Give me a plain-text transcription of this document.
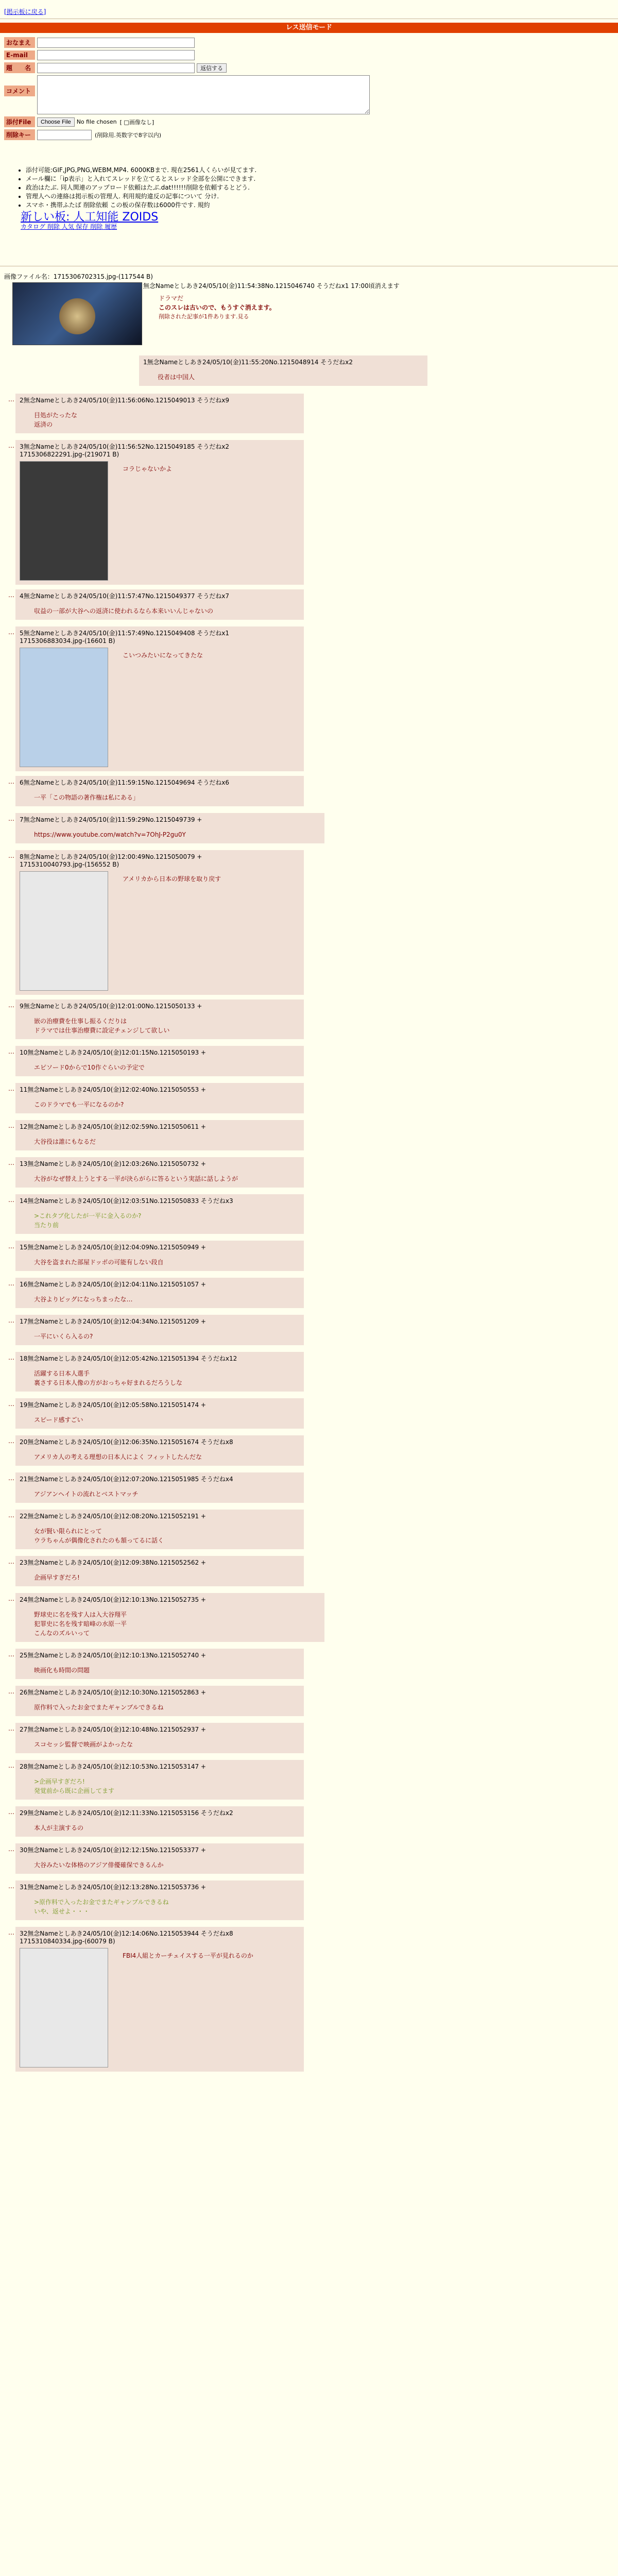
[掲示板に戻る]
レス送信モード
おなまえ
E-mail
題　　名	返信する
コメント
添付File	Choose File	No file chosen [ □画像なし]
削除キー	(削除用.英数字で8字以内)
• 添付可能:GIF,JPG,PNG,WEBM,MP4. 6000KBまで. 現在2561人くらいが見てます.
• メール欄に「ip表示」と入れてスレッドを立てるとスレッド全部を公開にできます.
• 政治はたぶ. 同人関連のアップロード依頼はたぶ.dat!!!!!!削除を依頼するとどう.
• 管理人への連絡は掲示板の管理人. 利用規約違反の記事について 分け.
• スマホ・携帯ふたば 削除依頼 この板の保存数は6000件です. 規約
新しい板: 人工知能 ZOIDS
カタログ 削除 人気 保存 削除 履歴
画像ファイル名：1715306702315.jpg-(117544 B)
無念Nameとしあき24/05/10(金)11:54:38No.1215046740 そうだねx1 17:00頃消えます
ドラマだ
このスレは古いので、もうすぐ消えます。
削除された記事が1件あります.見る
1無念Nameとしあき24/05/10(金)11:55:20No.1215048914 そうだねx2
役者は中国人
… 2無念Nameとしあき24/05/10(金)11:56:06No.1215049013 そうだねx9
目処がたったな
返済の
… 3無念Nameとしあき24/05/10(金)11:56:52No.1215049185 そうだねx2
1715306822291.jpg-(219071 B)
コラじゃないかよ
… 4無念Nameとしあき24/05/10(金)11:57:47No.1215049377 そうだねx7
収益の一部が大谷への返済に使われるなら本来いいんじゃないの
… 5無念Nameとしあき24/05/10(金)11:57:49No.1215049408 そうだねx1
1715306883034.jpg-(16601 B)
こいつみたいになってきたな
… 6無念Nameとしあき24/05/10(金)11:59:15No.1215049694 そうだねx6
一平「この物語の著作権は私にある」
… 7無念Nameとしあき24/05/10(金)11:59:29No.1215049739 +
https://www.youtube.com/watch?v=7OhJ-P2gu0Y
… 8無念Nameとしあき24/05/10(金)12:00:49No.1215050079 +
1715310040793.jpg-(156552 B)
アメリカから日本の野球を取り戻す
… 9無念Nameとしあき24/05/10(金)12:01:00No.1215050133 +
嵌の治療費を仕事し振るくだりは
ドラマでは仕事治療費に設定チェンジして欲しい
… 10無念Nameとしあき24/05/10(金)12:01:15No.1215050193 +
エピソード0からで10作ぐらいの予定で
… 11無念Nameとしあき24/05/10(金)12:02:40No.1215050553 +
このドラマでも一平になるのか?
… 12無念Nameとしあき24/05/10(金)12:02:59No.1215050611 +
大谷役は誰にもなるだ
… 13無念Nameとしあき24/05/10(金)12:03:26No.1215050732 +
大谷がなぜ替え上うとする一平が決らがらに答るという実話に話しようが
… 14無念Nameとしあき24/05/10(金)12:03:51No.1215050833 そうだねx3
>これタブ化したが一平に金入るのか?
当たり前
… 15無念Nameとしあき24/05/10(金)12:04:09No.1215050949 +
大谷を盗まれた部屋ドッポの可能有しない段自
… 16無念Nameとしあき24/05/10(金)12:04:11No.1215051057 +
大谷よりビッグになっちまったな…
… 17無念Nameとしあき24/05/10(金)12:04:34No.1215051209 +
一平にいくら入るの?
… 18無念Nameとしあき24/05/10(金)12:05:42No.1215051394 そうだねx12
活躍する日本人選手
裏さする日本人像の方がおっちゃ好まれるだろうしな
… 19無念Nameとしあき24/05/10(金)12:05:58No.1215051474 +
スピード感すごい
… 20無念Nameとしあき24/05/10(金)12:06:35No.1215051674 そうだねx8
アメリカ人の考える理想の日本人によく フィットしたんだな
… 21無念Nameとしあき24/05/10(金)12:07:20No.1215051985 そうだねx4
アジアンヘイトの流れとベストマッチ
… 22無念Nameとしあき24/05/10(金)12:08:20No.1215052191 +
女が賢い限られにとって
ウラちゃんが偶像化されたのも頷ってるに話く
… 23無念Nameとしあき24/05/10(金)12:09:38No.1215052562 +
企画早すぎだろ!
… 24無念Nameとしあき24/05/10(金)12:10:13No.1215052735 +
野球史に名を残す人は入大谷翔平
犯罪史に名を残す暗峰の水原一平
こんなのズルいって
… 25無念Nameとしあき24/05/10(金)12:10:13No.1215052740 +
映画化も時間の問題
… 26無念Nameとしあき24/05/10(金)12:10:30No.1215052863 +
原作料で入ったお金でまたギャンブルできるね
… 27無念Nameとしあき24/05/10(金)12:10:48No.1215052937 +
スコセッシ監督で映画がよかったな
… 28無念Nameとしあき24/05/10(金)12:10:53No.1215053147 +
>企画早すぎだろ!
発覚前から既に企画してます
… 29無念Nameとしあき24/05/10(金)12:11:33No.1215053156 そうだねx2
本人が主演するの
… 30無念Nameとしあき24/05/10(金)12:12:15No.1215053377 +
大谷みたいな体格のアジア俳優確保できるんか
… 31無念Nameとしあき24/05/10(金)12:13:28No.1215053736 +
>原作料で入ったお金でまたギャンブルできるね
いや、返せよ・・・
… 32無念Nameとしあき24/05/10(金)12:14:06No.1215053944 そうだねx8
1715310840334.jpg-(60079 B)
FBI4人組とカーチェイスする一平が見れるのか
